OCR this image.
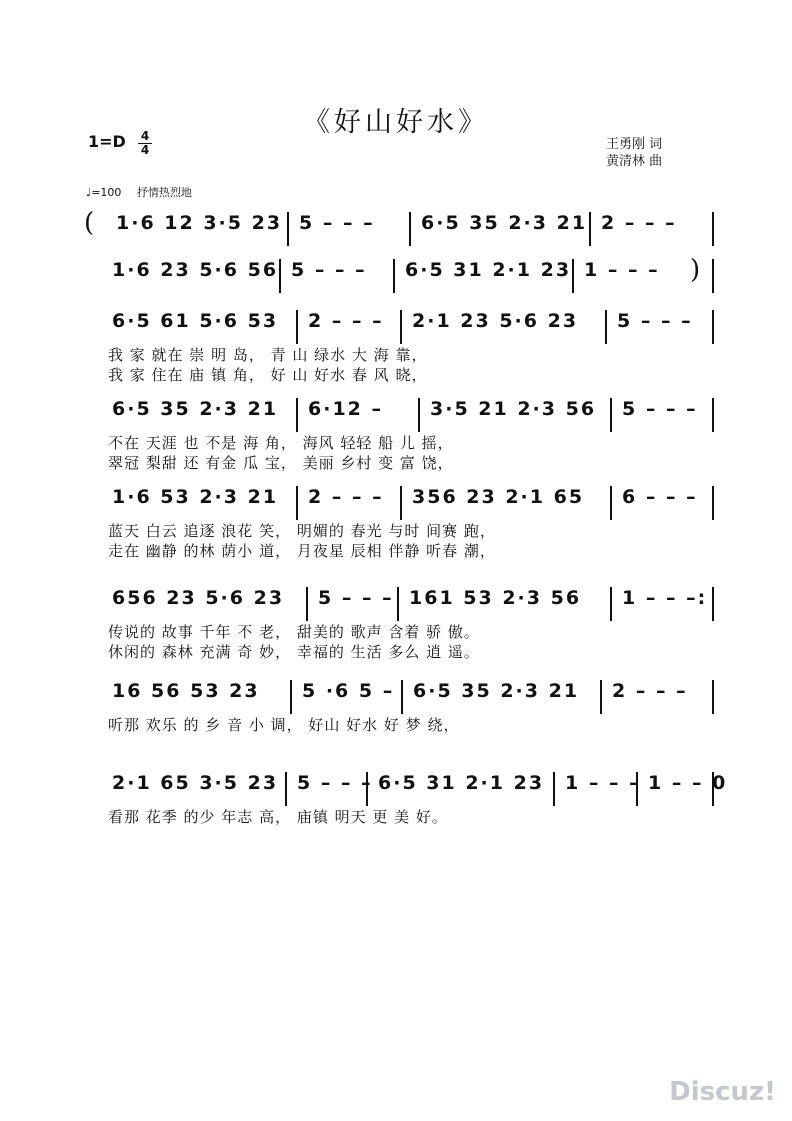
《好山好水》
1=D 4
4	王勇刚 词
黄清林 曲
♩=100 抒情热烈地
( 1·6 12 3·5 23 5 – – – 6·5 35 2·3 21 2 – – –
1·6 23 5·6 56 5 – – – 6·5 31 2·1 23 1 – – – )
6·5 61 5·6 53 2 – – – 2·1 23 5·6 23 5 – – –
我 家 就在 崇 明 岛， 青 山 绿水 大 海 靠，
我 家 住在 庙 镇 角， 好 山 好水 春 风 晓，
6·5 35 2·3 21 6·12 – 3·5 21 2·3 56 5 – – –
不在 天涯 也 不是 海 角， 海风 轻轻 船 儿 摇，
翠冠 梨甜 还 有金 瓜 宝， 美丽 乡村 变 富 饶，
1·6 53 2·3 21 2 – – – 356 23 2·1 65 6 – – –
蓝天 白云 追逐 浪花 笑， 明媚的 春光 与时 间赛 跑，
走在 幽静 的林 荫小 道， 月夜星 辰相 伴静 听春 潮，
656 23 5·6 23 5 – – – 161 53 2·3 56 1 – – –:
传说的 故事 千年 不 老， 甜美的 歌声 含着 骄 傲。
休闲的 森林 充满 奇 妙， 幸福的 生活 多么 逍 遥。
16 56 53 23 5 ·6 5 – 6·5 35 2·3 21 2 – – –
听那 欢乐 的 乡 音 小 调， 好山 好水 好 梦 绕，
2·1 65 3·5 23 5 – – – 6·5 31 2·1 23 1 – – – 1 – – 0
看那 花季 的少 年志 高， 庙镇 明天 更 美 好。
Discuz!
